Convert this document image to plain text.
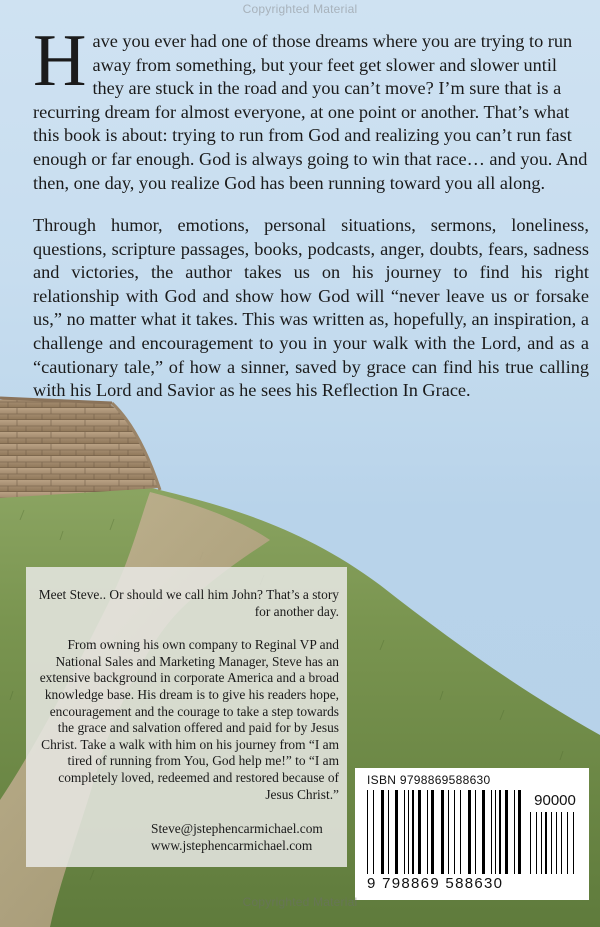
Copyrighted Material
Have you ever had one of those dreams where you are trying to run away from something, but your feet get slower and slower until they are stuck in the road and you can’t move? I’m sure that is a recurring dream for almost everyone, at one point or another. That’s what this book is about: trying to run from God and realizing you can’t run fast enough or far enough. God is always going to win that race… and you. And then, one day, you realize God has been running toward you all along.
Through humor, emotions, personal situations, sermons, loneliness, questions, scripture passages, books, podcasts, anger, doubts, fears, sadness and victories, the author takes us on his journey to find his right relationship with God and show how God will “never leave us or forsake us,” no matter what it takes. This was written as, hopefully, an inspiration, a challenge and encouragement to you in your walk with the Lord, and as a “cautionary tale,” of how a sinner, saved by grace can find his true calling with his Lord and Savior as he sees his Reflection In Grace.

Meet Steve.. Or should we call him John? That’s a story for another day.

From owning his own company to Reginal VP and National Sales and Marketing Manager, Steve has an extensive background in corporate America and a broad knowledge base. His dream is to give his readers hope, encouragement and the courage to take a step towards the grace and salvation offered and paid for by Jesus Christ. Take a walk with him on his journey from “I am tired of running from You, God help me!” to “I am completely loved, redeemed and restored because of Jesus Christ.”

Steve@jstephencarmichael.com
www.jstephencarmichael.com
ISBN 9798869588630
90000
9 798869 588630
Copyrighted Material
